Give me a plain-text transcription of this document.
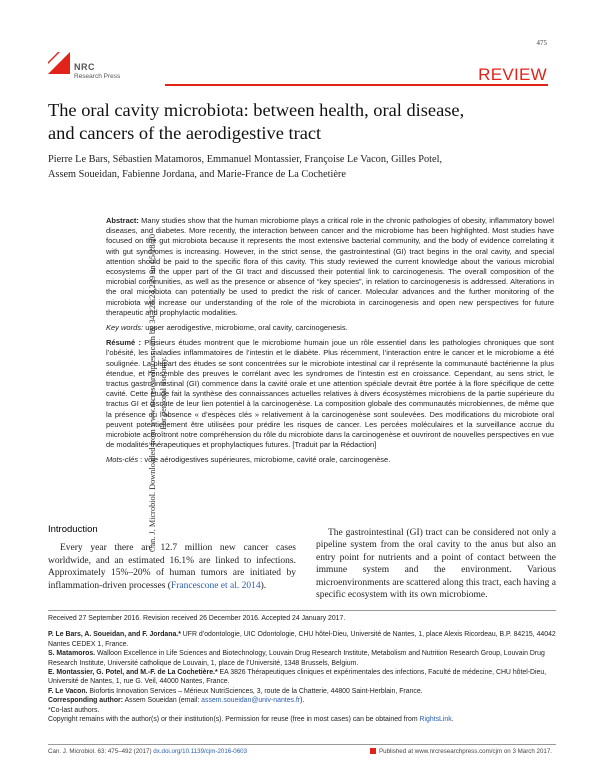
Can. J. Microbiol. Downloaded from www.nrcresearchpress.com by 34.228.24.229 on 05/28/20 For personal use only.
475
NRC
Research Press	REVIEW
The oral cavity microbiota: between health, oral disease,
and cancers of the aerodigestive tract
Pierre Le Bars, Sébastien Matamoros, Emmanuel Montassier, Françoise Le Vacon, Gilles Potel,
Assem Soueidan, Fabienne Jordana, and Marie-France de La Cochetière

Abstract: Many studies show that the human microbiome plays a critical role in the chronic pathologies of obesity, inflammatory bowel diseases, and diabetes. More recently, the interaction between cancer and the microbiome has been highlighted. Most studies have focused on the gut microbiota because it represents the most extensive bacterial community, and the body of evidence correlating it with gut syndromes is increasing. However, in the strict sense, the gastrointestinal (GI) tract begins in the oral cavity, and special attention should be paid to the specific flora of this cavity. This study reviewed the current knowledge about the various microbial ecosystems of the upper part of the GI tract and discussed their potential link to carcinogenesis. The overall composition of the microbial communities, as well as the presence or absence of “key species”, in relation to carcinogenesis is addressed. Alterations in the oral microbiota can potentially be used to predict the risk of cancer. Molecular advances and the further monitoring of the microbiota will increase our understanding of the role of the microbiota in carcinogenesis and open new perspectives for future therapeutic and prophylactic modalities.

Key words: upper aerodigestive, microbiome, oral cavity, carcinogenesis.

Résumé : Plusieurs études montrent que le microbiome humain joue un rôle essentiel dans les pathologies chroniques que sont l’obésité, les maladies inflammatoires de l’intestin et le diabète. Plus récemment, l’interaction entre le cancer et le microbiome a été soulignée. La plupart des études se sont concentrées sur le microbiote intestinal car il représente la communauté bactérienne la plus étendue, et l’ensemble des preuves le corrélant avec les syndromes de l’intestin est en croissance. Cependant, au sens strict, le tractus gastro-intestinal (GI) commence dans la cavité orale et une attention spéciale devrait être portée à la flore spécifique de cette cavité. Cette étude fait la synthèse des connaissances actuelles relatives à divers écosystèmes microbiens de la partie supérieure du tractus GI et discute de leur lien potentiel à la carcinogenèse. La composition globale des communautés microbiennes, de même que la présence ou l’absence « d’espèces clés » relativement à la carcinogenèse sont soulevées. Des modifications du microbiote oral peuvent potentiellement être utilisées pour prédire les risques de cancer. Les percées moléculaires et la surveillance accrue du microbiote accroîtront notre compréhension du rôle du microbiote dans la carcinogenèse et ouvriront de nouvelles perspectives en vue de modalités thérapeutiques et prophylactiques futures. [Traduit par la Rédaction]

Mots-clés : voie aérodigestives supérieures, microbiome, cavité orale, carcinogenèse.

Introduction

Every year there are 12.7 million new cancer cases worldwide, and an estimated 16.1% are linked to infections. Approximately 15%–20% of human tumors are initiated by inflammation-driven processes (Francescone et al. 2014).

The gastrointestinal (GI) tract can be considered not only a pipeline system from the oral cavity to the anus but also an entry point for nutrients and a point of contact between the immune system and the environment. Various microenvironments are scattered along this tract, each having a specific ecosystem with its own microbiome.

Received 27 September 2016. Revision received 26 December 2016. Accepted 24 January 2017.

P. Le Bars, A. Soueidan, and F. Jordana.* UFR d’odontologie, UIC Odontologie, CHU hôtel-Dieu, Université de Nantes, 1, place Alexis Ricordeau, B.P. 84215, 44042 Nantes CEDEX 1, France.

S. Matamoros. Walloon Excellence in Life Sciences and Biotechnology, Louvain Drug Research Institute, Metabolism and Nutrition Research Group, Louvain Drug Research Institute, Université catholique de Louvain, 1, place de l’Université, 1348 Brussels, Belgium.

E. Montassier, G. Potel, and M.-F. de La Cochetière.* EA 3826 Thérapeutiques cliniques et expérimentales des infections, Faculté de médecine, CHU hôtel-Dieu, Université de Nantes, 1, rue G. Veil, 44000 Nantes, France.

F. Le Vacon. Biofortis Innovation Services – Mérieux NutriSciences, 3, route de la Chatterie, 44800 Saint-Herblain, France.

Corresponding author: Assem Soueidan (email: assem.soueidan@univ-nantes.fr).

*Co-last authors.

Copyright remains with the author(s) or their institution(s). Permission for reuse (free in most cases) can be obtained from RightsLink.

Can. J. Microbiol. 63: 475–492 (2017) dx.doi.org/10.1139/cjm-2016-0603	Published at www.nrcresearchpress.com/cjm on 3 March 2017.
